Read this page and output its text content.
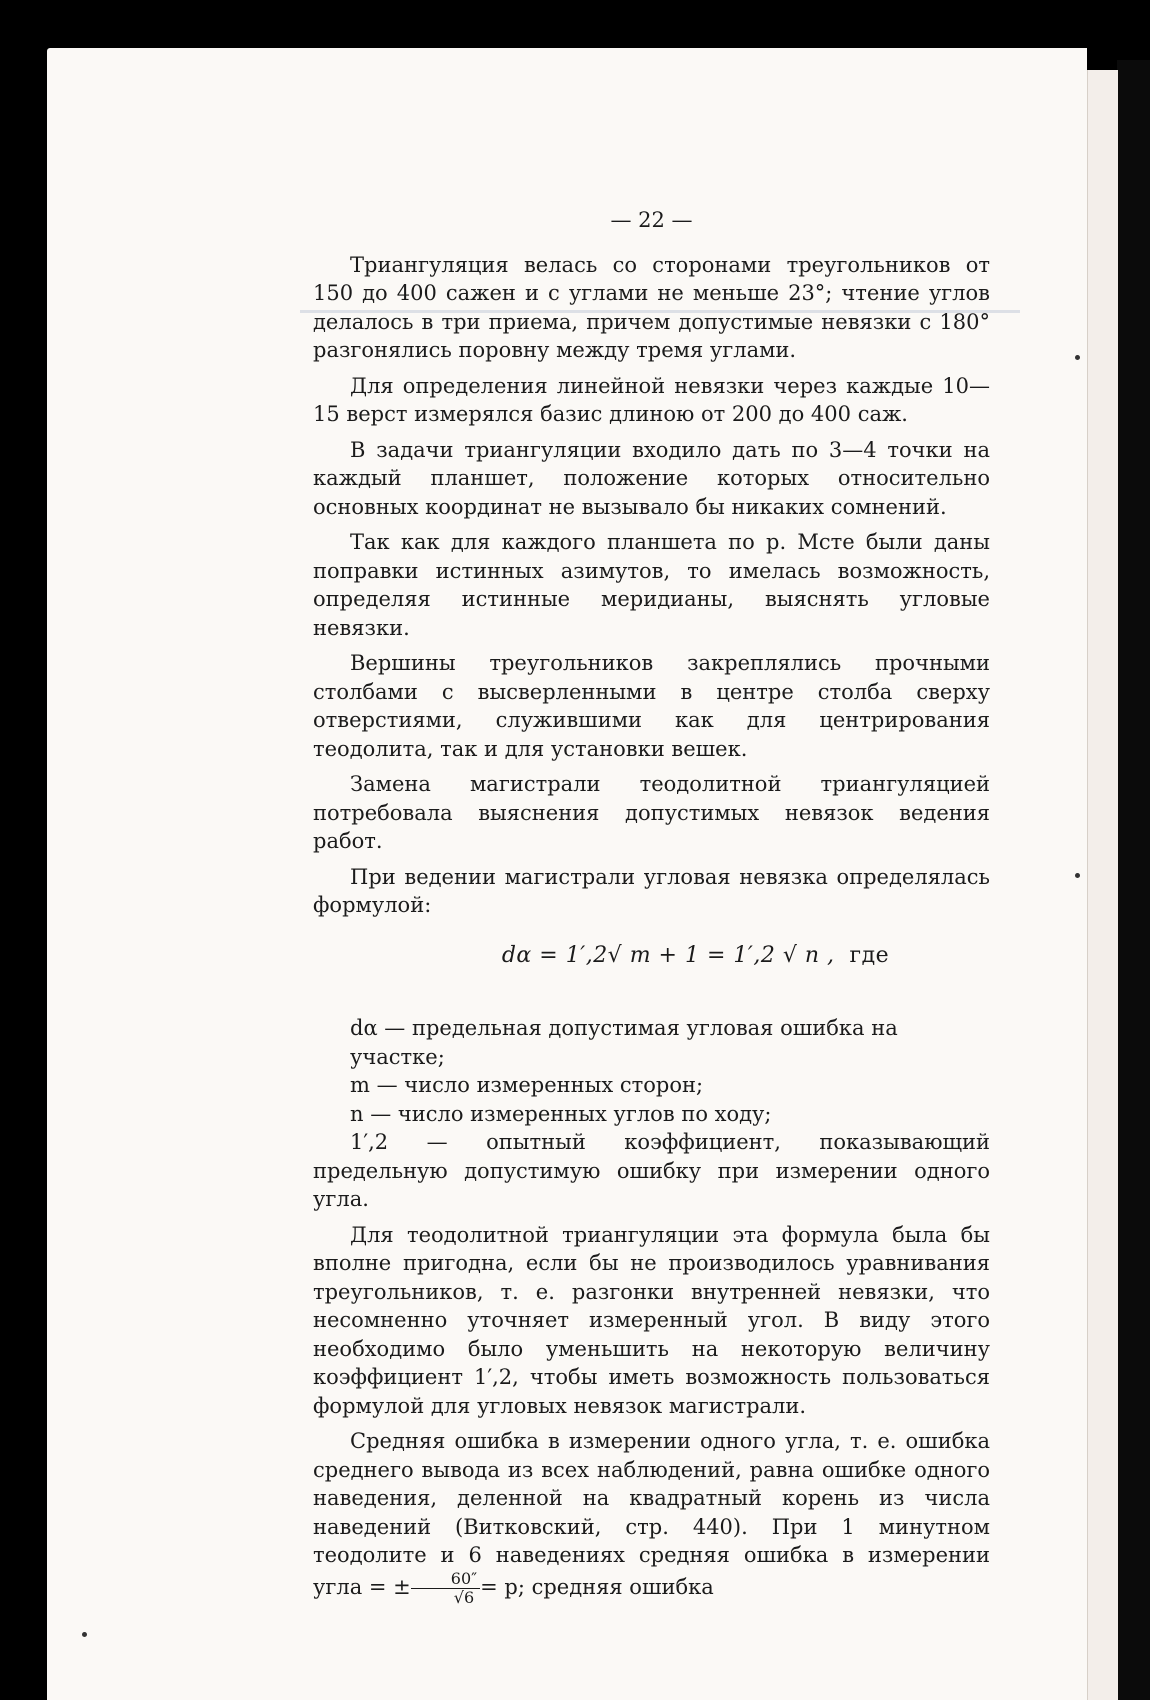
— 22 —

Триангуляция велась со сторонами треугольников от 150 до 400 сажен и с углами не меньше 23°; чтение углов делалось в три приема, причем допустимые невязки с 180° разгонялись поровну между тремя углами.

Для определения линейной невязки через каждые 10—15 верст измерялся базис длиною от 200 до 400 саж.

В задачи триангуляции входило дать по 3—4 точки на каждый планшет, положение которых относительно основных координат не вызывало бы никаких сомнений.

Так как для каждого планшета по р. Мсте были даны поправки истинных азимутов, то имелась возможность, определяя истинные меридианы, выяснять угловые невязки.

Вершины треугольников закреплялись прочными столбами с высверленными в центре столба сверху отверстиями, служившими как для центрирования теодолита, так и для установки вешек.

Замена магистрали теодолитной триангуляцией потребовала выяснения допустимых невязок ведения работ.

При ведении магистрали угловая невязка определялась формулой:

dα = 1′,2√ m + 1 = 1′,2 √ n , где
dα — предельная допустимая угловая ошибка на участке;
m — число измеренных сторон;
n — число измеренных углов по ходу;
1′,2 — опытный коэффициент, показывающий предельную допустимую ошибку при измерении одного угла.

Для теодолитной триангуляции эта формула была бы вполне пригодна, если бы не производилось уравнивания треугольников, т. е. разгонки внутренней невязки, что несомненно уточняет измеренный угол. В виду этого необходимо было уменьшить на некоторую величину коэффициент 1′,2, чтобы иметь возможность пользоваться формулой для угловых невязок магистрали.

Средняя ошибка в измерении одного угла, т. е. ошибка среднего вывода из всех наблюдений, равна ошибке одного наведения, деленной на квадратный корень из числа наведений (Витковский, стр. 440). При 1 минутном теодолите и 6 наведениях средняя ошибка в измерении угла = ± $\frac{60''}{√6} = p$; средняя ошибка
